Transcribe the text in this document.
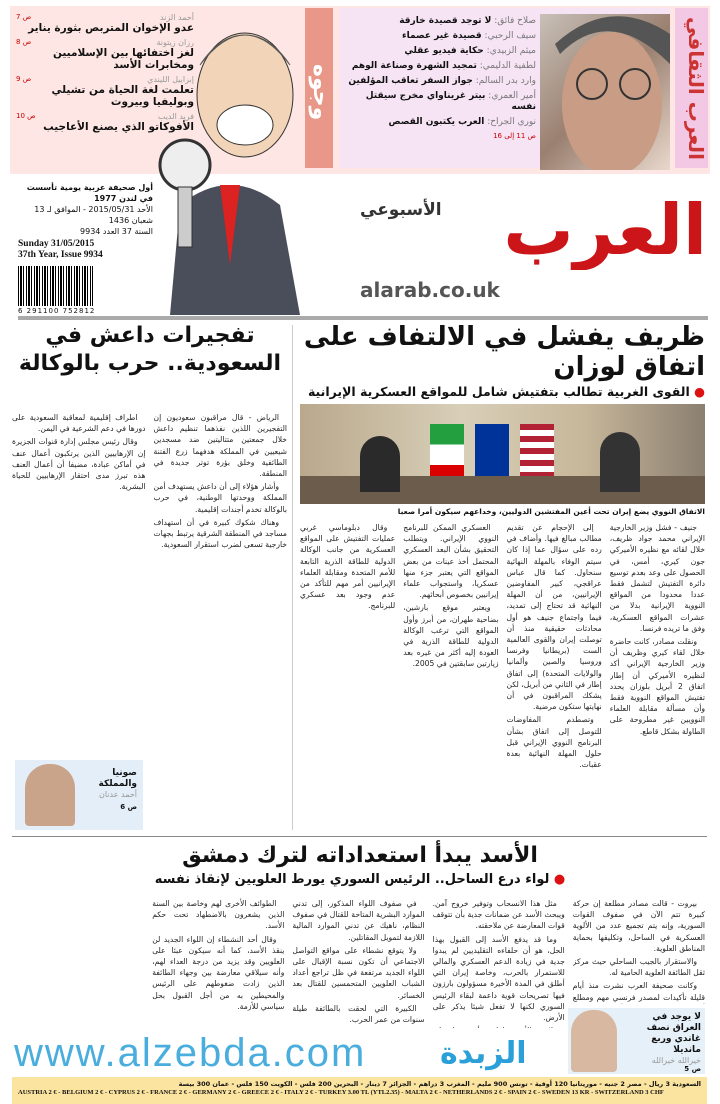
ص 7	أحمد الزند
عدو الإخوان المتربص بثورة يناير
ص 8	رزان زيتونة
لغز اختفائها بين الإسلاميين ومخابرات الأسد
ص 9	إبزابيل الليندي
تعلمت لغة الحياة من تشيلي وبوليفيا وبيروت
ص 10	فريد الديب
الأفوكاتو الذي يصنع الأعاجيب
وجوه
صلاح فائق: لا توجد قصيدة خارقة
سيف الرحبي: قصيدة غير عصماء
ميثم الزبيدي: حكاية فيديو عقلي
لطفية الدليمي: تمجيد الشهرة وصناعة الوهم
وارد بدر السالم: جواز السفر تعاقب المؤلفين
أمير العمري: بيتر غريناواي مخرج سيقتل نفسه
نوري الجراح: العرب يكتبون القصص
ص 11 إلى 16	العرب الثقافي
أول صحيفة عربية يومية تأسست في لندن 1977
الأحد 2015/05/31 - الموافق لـ 13 شعبان 1436
السنة 37 العدد 9934
Sunday 31/05/2015
37th Year, Issue 9934
6 291100 752812
العرب
الأسبوعي
alarab.co.uk
ظريف يفشل في الالتفاف على اتفاق لوزان
● القوى الغربية تطالب بتفتيش شامل للمواقع العسكرية الإيرانية
تفجيرات داعش في السعودية.. حرب بالوكالة
الاتفاق النووي يضع إيران تحت أعين المفتشين الدوليين، وخداعهم سيكون أمرا صعبا

جنيف - فشل وزير الخارجية الإيراني محمد جواد ظريف، خلال لقائه مع نظيره الأميركي جون كيري، أمس، في الحصول على وعد بعدم توسيع دائرة التفتيش لتشمل فقط عددا محدودا من المواقع النووية الإيرانية بدلا من عشرات المواقع العسكرية، وفق ما تريده فرنسا.

ونقلت مصادر، كانت حاضرة خلال لقاء كيري وظريف أن وزير الخارجية الإيراني أكد لنظيره الأميركي أن إطار اتفاق 2 أبريل بلوزان يحدد تفتيش المواقع النووية فقط وأن مسألة مقابلة العلماء النوويين غير مطروحة على الطاولة بشكل قاطع.

إلى الإحجام عن تقديم مطالب مبالغ فيها. وأضاف في رده على سؤال عما إذا كان سيتم الوفاء بالمهلة النهائية سنحاول. كما قال عباس عراقجي، كبير المفاوضين الإيرانيين، من أن المهلة النهائية قد تحتاج إلى تمديد، فيما واجتماع جنيف هو أول محادثات حقيقية منذ أن توصلت إيران والقوى العالمية الست (بريطانيا وفرنسا وروسيا والصين وألمانيا والولايات المتحدة) إلى اتفاق إطار في الثاني من أبريل، لكن يشكك المراقبون في أن نهايتها ستكون مرضية.

وتصطدم المفاوضات للتوصل إلى اتفاق بشأن البرنامج النووي الإيراني قبل حلول المهلة النهائية بعدة عقبات.

العسكري الممكن للبرنامج النووي الإيراني. ويتطلب التحقيق بشأن البعد العسكري المحتمل أخذ عينات من بعض المواقع التي يعتبر جزء منها عسكريا، واستجواب علماء إيرانيين بخصوص أبحاثهم.

ويعتبر موقع بارشين، بضاحية طهران، من أبرز وأول المواقع التي ترغب الوكالة الدولية للطاقة الذرية في العودة إليه أكثر من غيره بعد زيارتين سابقتين في 2005.

وقال دبلوماسي غربي عمليات التفتيش على المواقع العسكرية من جانب الوكالة الدولية للطاقة الذرية التابعة للأمم المتحدة ومقابلة العلماء الإيرانيين أمر مهم للتأكد من عدم وجود بعد عسكري للبرنامج.

الرياض - قال مراقبون سعوديون إن التفجيرين اللذين نفذهما تنظيم داعش خلال جمعتين متتاليتين ضد مسجدين شيعيين في المملكة هدفهما زرع الفتنة الطائفية وخلق بؤرة توتر جديدة في المنطقة.

وأشار هؤلاء إلى أن داعش يستهدف أمن المملكة ووحدتها الوطنية، في حرب بالوكالة تخدم أجندات إقليمية.

وهناك شكوك كبيرة في أن استهداف مساجد في المنطقة الشرقية يرتبط بجهات خارجية تسعى لضرب استقرار السعودية.

اطراف إقليمية لمعاقبة السعودية على دورها في دعم الشرعية في اليمن.

وقال رئيس مجلس إدارة قنوات الجزيرة إن الإرهابيين الذين يرتكبون أعمال عنف في أماكن عبادة، مضيفا أن أعمال العنف هذه تبرز مدى احتقار الإرهابيين للحياة البشرية.

صونيا والمملكة
أحمد عدنان
ص 6
الأسد يبدأ استعداداته لترك دمشق
● لواء درع الساحل.. الرئيس السوري يورط العلويين لإنقاذ نفسه

بيروت - قالت مصادر مطلعة إن حركة كبيرة تتم الآن في صفوف القوات السورية، وإنه يتم تجميع عدد من الألوية العسكرية في الساحل، وتكليفها بحماية المناطق العلوية.

والاستقرار بالجيب الساحلي حيث مركز ثقل الطائفة العلوية الحامية له.

وكانت صحيفة العرب نشرت منذ أيام قليلة تأكيدات لمصدر فرنسي مهم ومطلع

مثل هذا الانسحاب وتوفير خروج آمن. ويبحث الأسد عن ضمانات جدية بأن تتوقف قوات المعارضة عن ملاحقته.

وما قد يدفع الأسد إلى القبول بهذا الحل، هو أن حلفاءه التقليديين لم يبدوا جدية في زيادة الدعم العسكري والمالي للاستمرار بالحرب، وخاصة إيران التي أطلق في المدة الأخيرة مسؤولون بارزون فيها تصريحات قوية داعمة لبقاء الرئيس السوري لكنها لا تفعل شيئا يذكر على الأرض.

في صفوف اللواء المذكور، إلى تدني الموارد البشرية المتاحة للقتال في صفوف النظام، ناهيك عن تدني الموارد المالية اللازمة لتمويل المقاتلين.

ولا يتوقع نشطاء على مواقع التواصل الاجتماعي أن تكون نسبة الإقبال على اللواء الجديد مرتفعة في ظل تراجع أعداد الشباب العلويين المتحمسين للقتال بعد الخسائر.

الكبيرة التي لحقت بالطائفة طيلة سنوات من عمر الحرب.

الطوائف الأخرى لهم وخاصة بين السنة الذين يشعرون بالاضطهاد تحت حكم الأسد.

وقال أحد النشطاء إن اللواء الجديد لن ينقذ الأسد، كما أنه سيكون عبئا على العلويين وقد يزيد من درجة العداء لهم، وأنه سيلاقي معارضة بين وجهاء الطائفة الذين زادت ضغوطهم على الرئيس والمحيطين به من أجل القبول بحل سياسي للأزمة.

لا يوجد في العراق نصف غاندي وربع مانديلا
خيرالله خيرالله
ص 5
www.alzebda.com الزبدة
السعودية 3 ريال - مصر 2 جنيه - موريتانيا 120 أوقية - تونس 900 مليم - المغرب 3 دراهم - الجزائر 7 دينار - البحرين 200 فلس - الكويت 150 فلس - عمان 300 بيسة
AUSTRIA 2 € - BELGIUM 2 € - CYPRUS 2 € - FRANCE 2 € - GERMANY 2 € - GREECE 2 € - ITALY 2 € - TURKEY 3.00 TL (YTL2.35) - MALTA 2 € - NETHERLANDS 2 € - SPAIN 2 € - SWEDEN 13 KR - SWITZERLAND 3 CHF
